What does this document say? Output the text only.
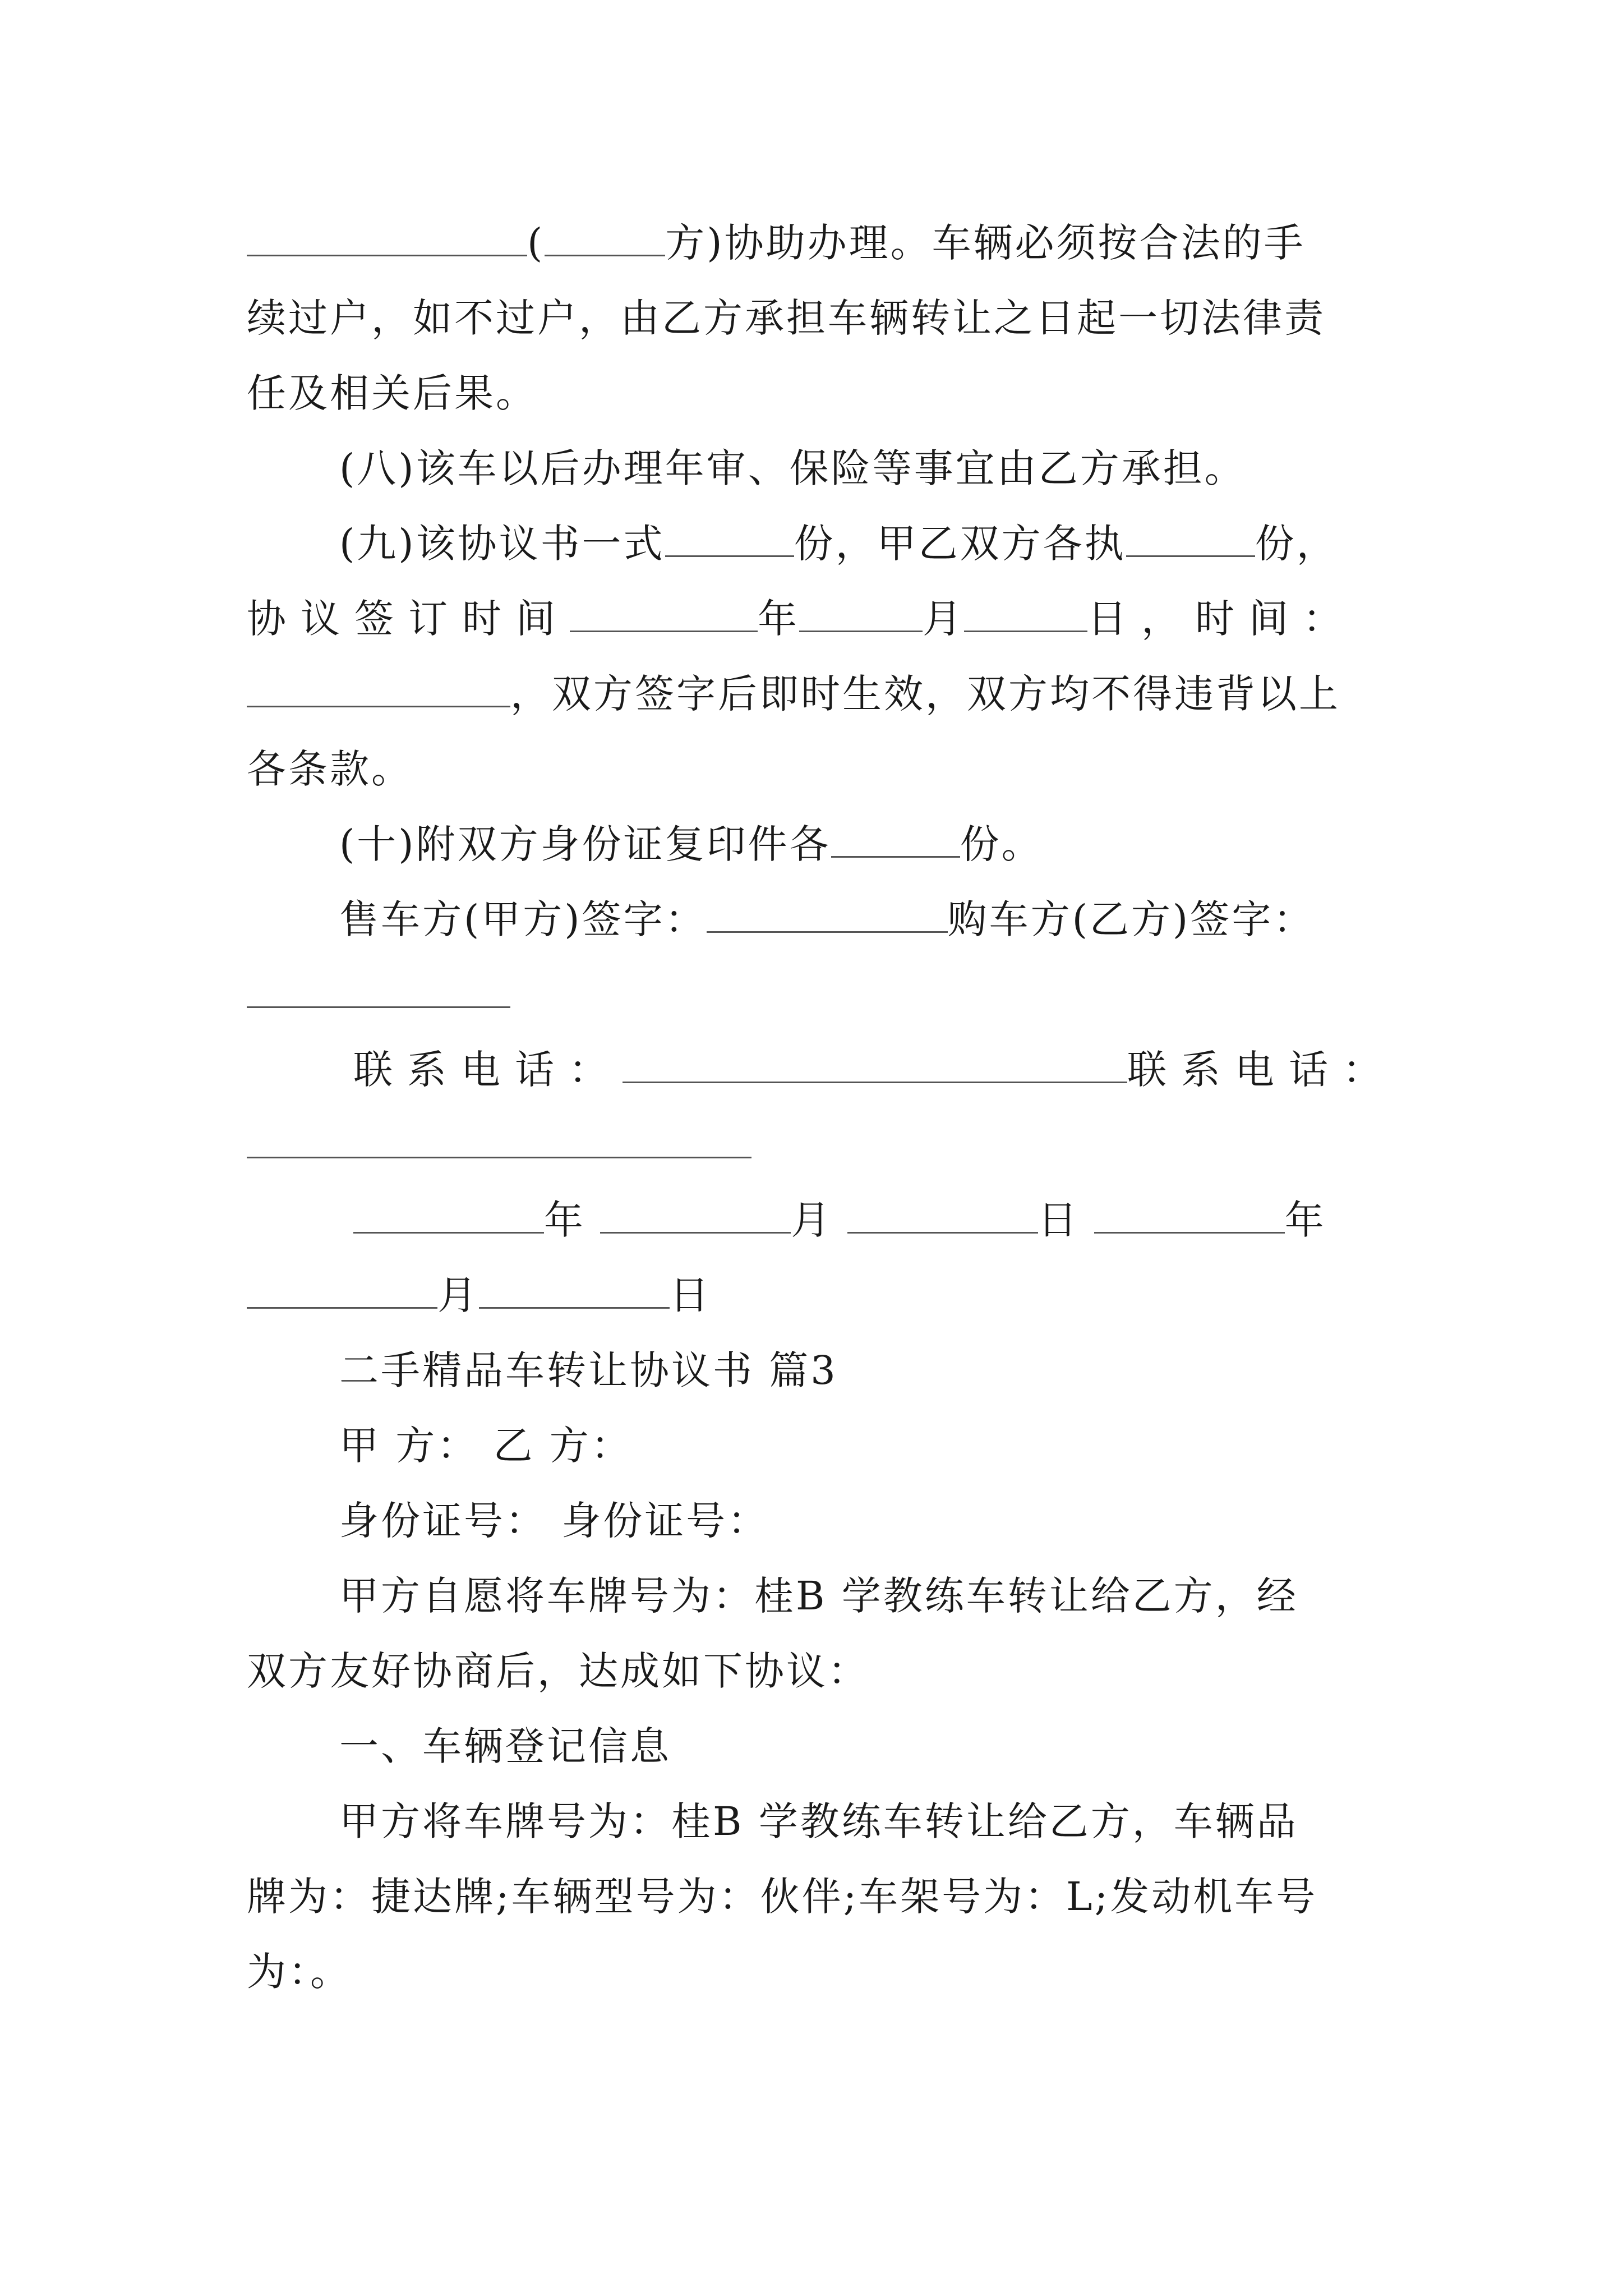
(	方)协助办理。车辆必须按合法的手
续过户，如不过户，由乙方承担车辆转让之日起一切法律责
任及相关后果。
(八)该车以后办理年审、保险等事宜由乙方承担。
(九)该协议书一式	份，甲乙双方各执	份，
协议签订时间	年	月	日，时间：
，双方签字后即时生效，双方均不得违背以上
各条款。
(十)附双方身份证复印件各	份。
售车方(甲方)签字：	购车方(乙方)签字：
联系电话：	联系电话：
年	月	日	年
月	日
二手精品车转让协议书 篇3
甲 方： 乙 方：
身份证号： 身份证号：
甲方自愿将车牌号为：桂B 学教练车转让给乙方，经
双方友好协商后，达成如下协议：
一、车辆登记信息
甲方将车牌号为：桂B 学教练车转让给乙方，车辆品
牌为：捷达牌;车辆型号为：伙伴;车架号为：L;发动机车号
为：。
